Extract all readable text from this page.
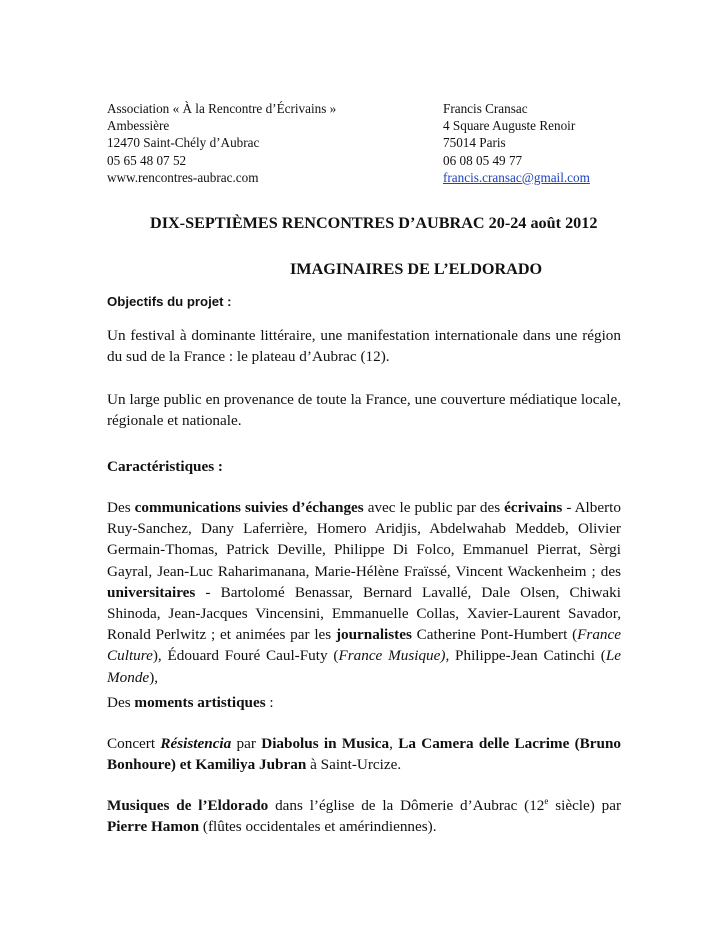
Association « À la Rencontre d’Écrivains »
Ambessière
12470 Saint-Chély d’Aubrac
05 65 48 07 52
www.rencontres-aubrac.com
Francis Cransac
4 Square Auguste Renoir
75014 Paris
06 08 05 49 77
francis.cransac@gmail.com
DIX-SEPTIÈMES RENCONTRES D’AUBRAC 20-24 août 2012
IMAGINAIRES DE L’ELDORADO
Objectifs du projet :
Un festival à dominante littéraire, une manifestation internationale dans une région du sud de la France : le plateau d’Aubrac (12).
Un large public en provenance de toute la France, une couverture médiatique locale, régionale et nationale.
Caractéristiques :
Des communications suivies d’échanges avec le public par des écrivains - Alberto Ruy-Sanchez, Dany Laferrière, Homero Aridjis, Abdelwahab Meddeb, Olivier Germain-Thomas, Patrick Deville, Philippe Di Folco, Emmanuel Pierrat, Sèrgi Gayral, Jean-Luc Raharimanana, Marie-Hélène Fraïssé, Vincent Wackenheim ; des universitaires - Bartolomé Benassar, Bernard Lavallé, Dale Olsen, Chiwaki Shinoda, Jean-Jacques Vincensini, Emmanuelle Collas, Xavier-Laurent Savador, Ronald Perlwitz ; et animées par les journalistes Catherine Pont-Humbert (France Culture), Édouard Fouré Caul-Futy (France Musique), Philippe-Jean Catinchi (Le Monde),
Des moments artistiques :
Concert Résistencia par Diabolus in Musica, La Camera delle Lacrime (Bruno Bonhoure) et Kamiliya Jubran à Saint-Urcize.
Musiques de l’Eldorado dans l’église de la Dômerie d’Aubrac (12e siècle) par Pierre Hamon (flûtes occidentales et amérindiennes).
